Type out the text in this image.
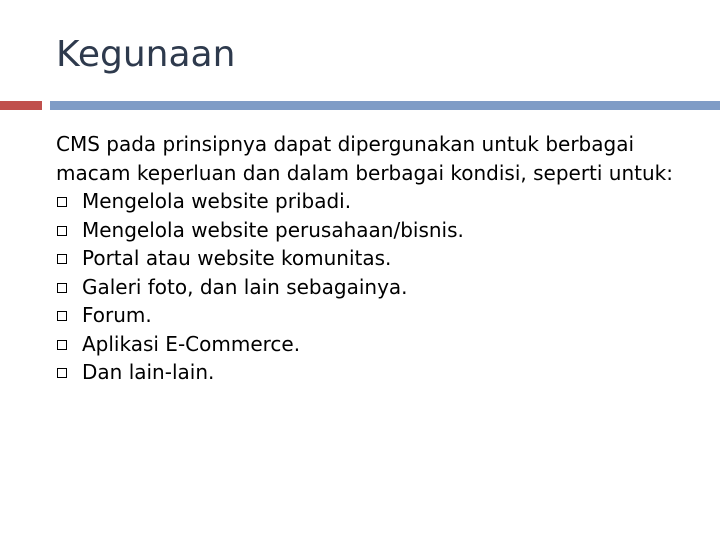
Kegunaan

CMS pada prinsipnya dapat dipergunakan untuk berbagai macam keperluan dan dalam berbagai kondisi, seperti untuk:

Mengelola website pribadi.
Mengelola website perusahaan/bisnis.
Portal atau website komunitas.
Galeri foto, dan lain sebagainya.
Forum.
Aplikasi E-Commerce.
Dan lain-lain.
